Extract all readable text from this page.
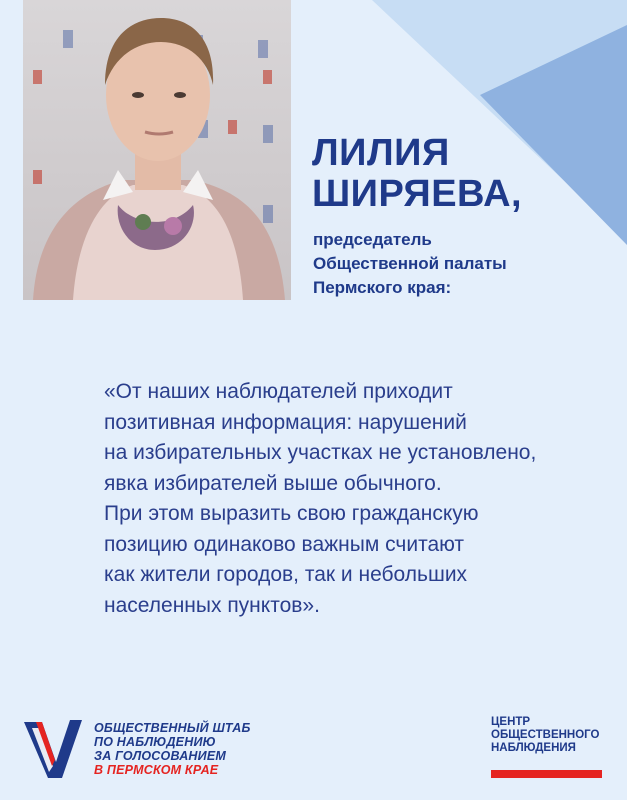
ЛИЛИЯ
ШИРЯЕВА,
председатель
Общественной палаты
Пермского края:
«От наших наблюдателей приходит
позитивная информация: нарушений
на избирательных участках не установлено,
явка избирателей выше обычного.
При этом выразить свою гражданскую
позицию одинаково важным считают
как жители городов, так и небольших
населенных пунктов».
ОБЩЕСТВЕННЫЙ ШТАБ
ПО НАБЛЮДЕНИЮ
ЗА ГОЛОСОВАНИЕМ
В ПЕРМСКОМ КРАЕ
ЦЕНТР
ОБЩЕСТВЕННОГО
НАБЛЮДЕНИЯ
